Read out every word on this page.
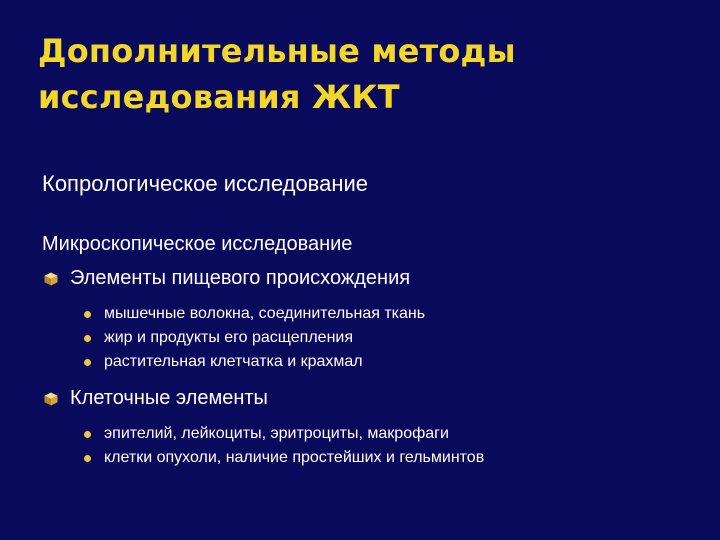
Дополнительные методы
исследования ЖКТ
Копрологическое исследование
Микроскопическое исследование
Элементы пищевого происхождения
мышечные волокна, соединительная ткань
жир и продукты его расщепления
растительная клетчатка и крахмал
Клеточные элементы
эпителий, лейкоциты, эритроциты, макрофаги
клетки опухоли, наличие простейших и гельминтов
